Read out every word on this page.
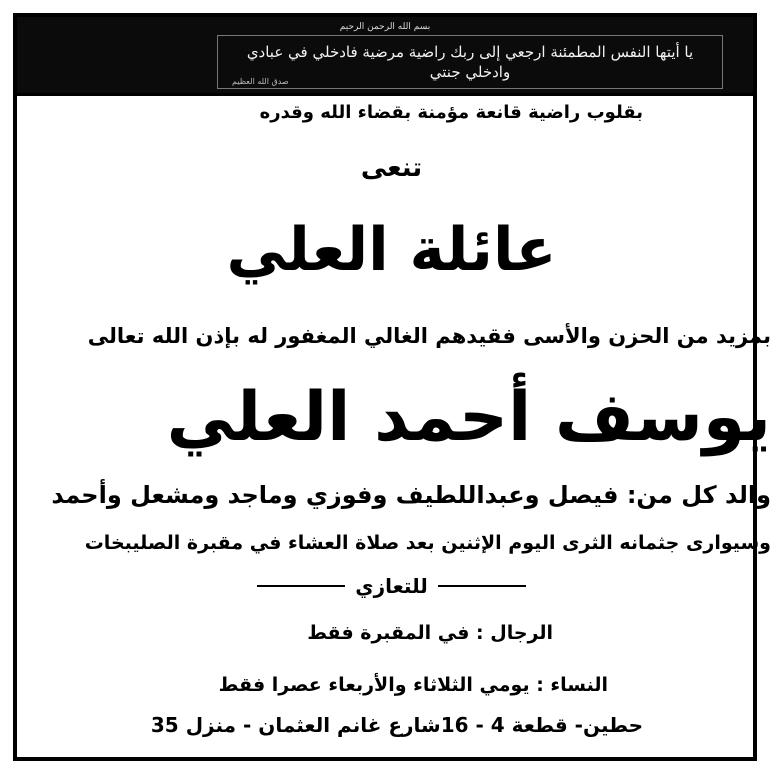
بسم الله الرحمن الرحيم
يا أيتها النفس المطمئنة ارجعي إلى ربك راضية مرضية فادخلي في عبادي وادخلي جنتي
صدق الله العظيم
بقلوب راضية قانعة مؤمنة بقضاء الله وقدره
تنعى
عائلة العلي
بمزيد من الحزن والأسى فقيدهم الغالي المغفور له بإذن الله تعالى
يوسف أحمد العلي
والد كل من: فيصل وعبداللطيف وفوزي وماجد ومشعل وأحمد
وسيوارى جثمانه الثرى اليوم الإثنين بعد صلاة العشاء في مقبرة الصليبخات
للتعازي
الرجال : في المقبرة فقط
النساء : يومي الثلاثاء والأربعاء عصرا فقط
حطين- قطعة 4 - 16شارع غانم العثمان - منزل 35
